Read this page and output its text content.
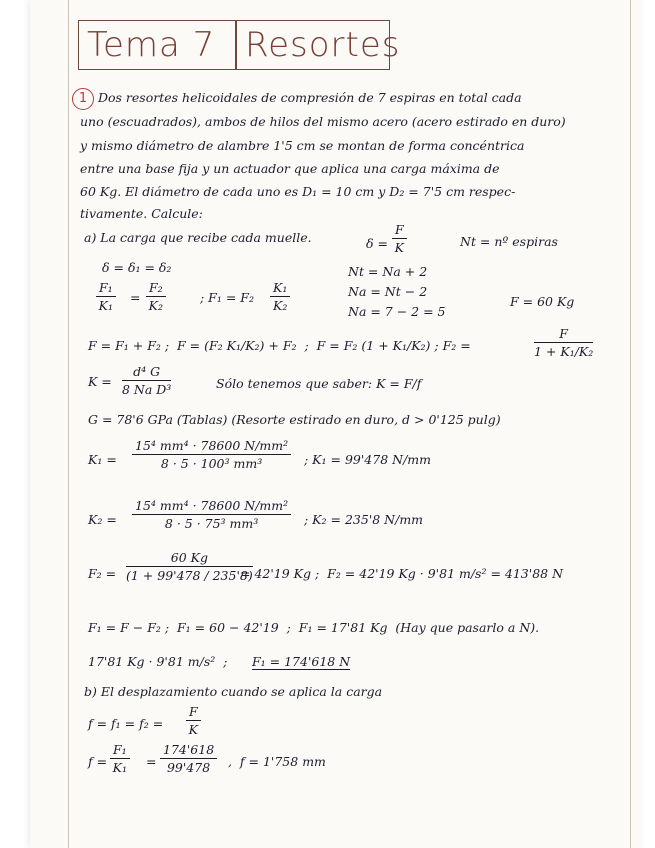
Tema 7 Resortes
1 Dos resortes helicoidales de compresión de 7 espiras en total cada
uno (escuadrados), ambos de hilos del mismo acero (acero estirado en duro)
y mismo diámetro de alambre 1'5 cm se montan de forma concéntrica
entre una base fija y un actuador que aplica una carga máxima de
60 Kg. El diámetro de cada uno es D₁ = 10 cm y D₂ = 7'5 cm respec-
tivamente. Calcule:
a) La carga que recibe cada muelle.	$\delta = \frac{F}{K}$	Nt = nº espiras
δ = δ₁ = δ₂	Nt = Na + 2
Na = Nt − 2
Na = 7 − 2 = 5
$\frac{\text{F₁}}{\text{K₁}} = \frac{\text{F₂}}{\text{K₂}}$	; $F_1 = F_2 \frac{\text{K₁}}{\text{K₂}}$	F = 60 Kg
F = F₁ + F₂ ;  F = (F₂ K₁/K₂) + F₂  ;  F = F₂ (1 + K₁/K₂) ; F₂ =	$\frac{F}{\text{1 + K₁/K₂}}$
$K = \frac{\text{d⁴ G}}{\text{8 Na D³}}$	Sólo tenemos que saber: K = F/f
G = 78'6 GPa (Tablas) (Resorte estirado en duro, d > 0'125 pulg)
$K_1 = \frac{\text{15⁴ mm⁴ · 78600 N/mm²}}{\text{8 · 5 · 100³ mm³}}$ ; K₁ = 99'478 N/mm
$K_2 = \frac{\text{15⁴ mm⁴ · 78600 N/mm²}}{\text{8 · 5 · 75³ mm³}}$ ; K₂ = 235'8 N/mm
$F_2 = \frac{60 Kg}{(1 + 99'478 / 235'8)}$
= 42'19 Kg ;  F₂ = 42'19 Kg · 9'81 m/s² = 413'88 N
F₁ = F − F₂ ;  F₁ = 60 − 42'19  ;  F₁ = 17'81 Kg  (Hay que pasarlo a N).
17'81 Kg · 9'81 m/s²  ; F₁ = 174'618 N
b) El desplazamiento cuando se aplica la carga
$f = f_1 = f_2 = \frac{F}{K}$
$f = \frac{\text{F₁}}{\text{K₁}} = \frac{174'618}{99'478}$ ,  f = 1'758 mm
